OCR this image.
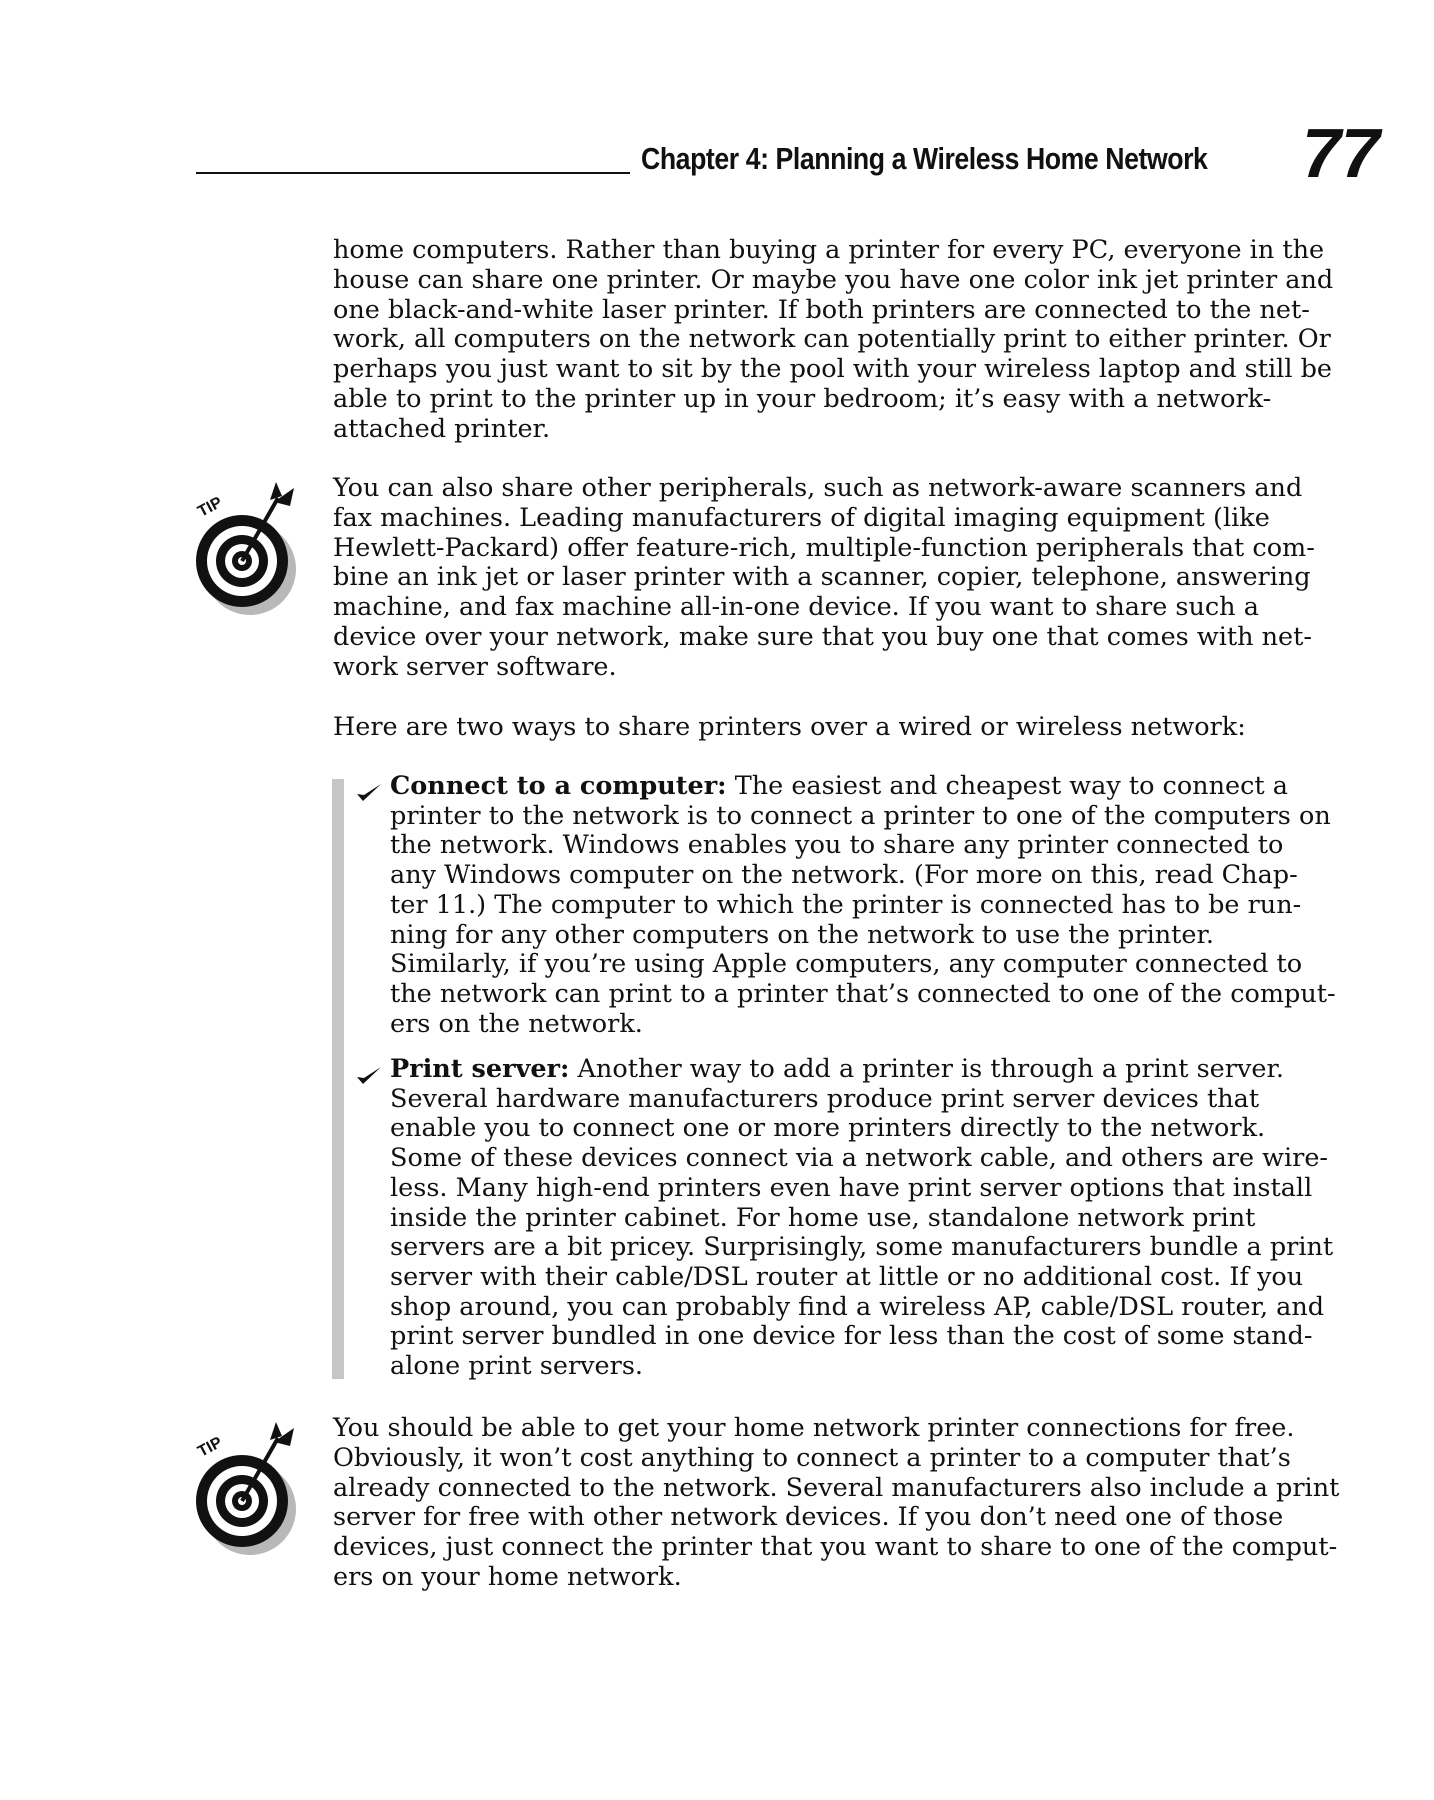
Chapter 4: Planning a Wireless Home Network 77

home computers. Rather than buying a printer for every PC, everyone in the
house can share one printer. Or maybe you have one color ink jet printer and
one black-and-white laser printer. If both printers are connected to the net-
work, all computers on the network can potentially print to either printer. Or
perhaps you just want to sit by the pool with your wireless laptop and still be
able to print to the printer up in your bedroom; it’s easy with a network-
attached printer.

TIP

You can also share other peripherals, such as network-aware scanners and
fax machines. Leading manufacturers of digital imaging equipment (like
Hewlett-Packard) offer feature-rich, multiple-function peripherals that com-
bine an ink jet or laser printer with a scanner, copier, telephone, answering
machine, and fax machine all-in-one device. If you want to share such a
device over your network, make sure that you buy one that comes with net-
work server software.

Here are two ways to share printers over a wired or wireless network:

Connect to a computer: The easiest and cheapest way to connect a
printer to the network is to connect a printer to one of the computers on
the network. Windows enables you to share any printer connected to
any Windows computer on the network. (For more on this, read Chap-
ter 11.) The computer to which the printer is connected has to be run-
ning for any other computers on the network to use the printer.
Similarly, if you’re using Apple computers, any computer connected to
the network can print to a printer that’s connected to one of the comput-
ers on the network.

Print server: Another way to add a printer is through a print server.
Several hardware manufacturers produce print server devices that
enable you to connect one or more printers directly to the network.
Some of these devices connect via a network cable, and others are wire-
less. Many high-end printers even have print server options that install
inside the printer cabinet. For home use, standalone network print
servers are a bit pricey. Surprisingly, some manufacturers bundle a print
server with their cable/DSL router at little or no additional cost. If you
shop around, you can probably find a wireless AP, cable/DSL router, and
print server bundled in one device for less than the cost of some stand-
alone print servers.

TIP

You should be able to get your home network printer connections for free.
Obviously, it won’t cost anything to connect a printer to a computer that’s
already connected to the network. Several manufacturers also include a print
server for free with other network devices. If you don’t need one of those
devices, just connect the printer that you want to share to one of the comput-
ers on your home network.
